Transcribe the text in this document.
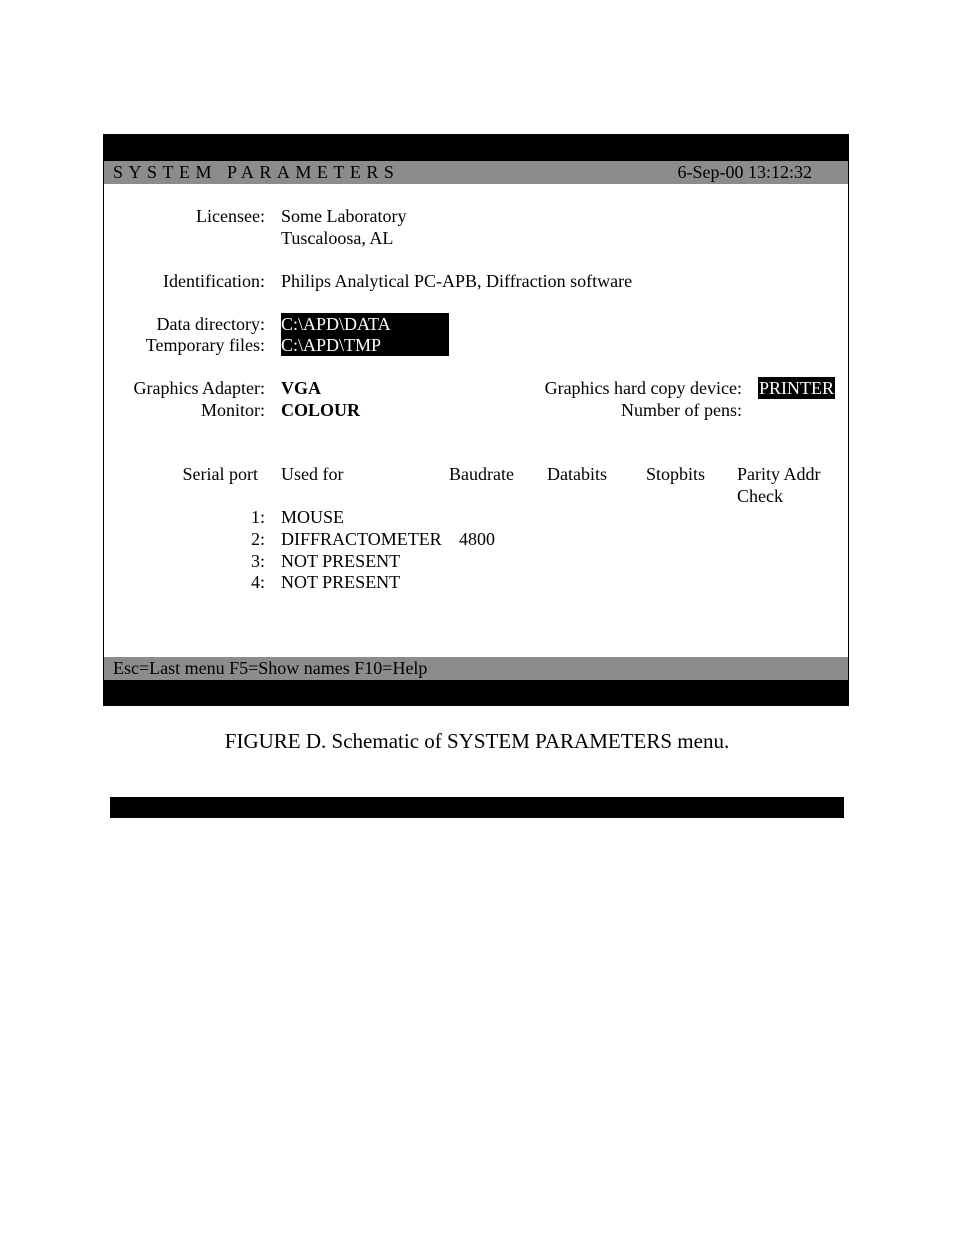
SYSTEM PARAMETERS	6-Sep-00 13:12:32
Licensee: Some Laboratory
Tuscaloosa, AL
Identification: Philips Analytical PC-APB, Diffraction software
Data directory: C:\APD\DATA
Temporary files: C:\APD\TMP
Graphics Adapter: VGA
Monitor: COLOUR
Graphics hard copy device: PRINTER
Number of pens:
Serial port Used for	Baudrate Databits Stopbits Parity Addr
Check
1: MOUSE
2: DIFFRACTOMETER 4800
3: NOT PRESENT
4: NOT PRESENT
Esc=Last menu F5=Show names F10=Help
FIGURE D. Schematic of SYSTEM PARAMETERS menu.
